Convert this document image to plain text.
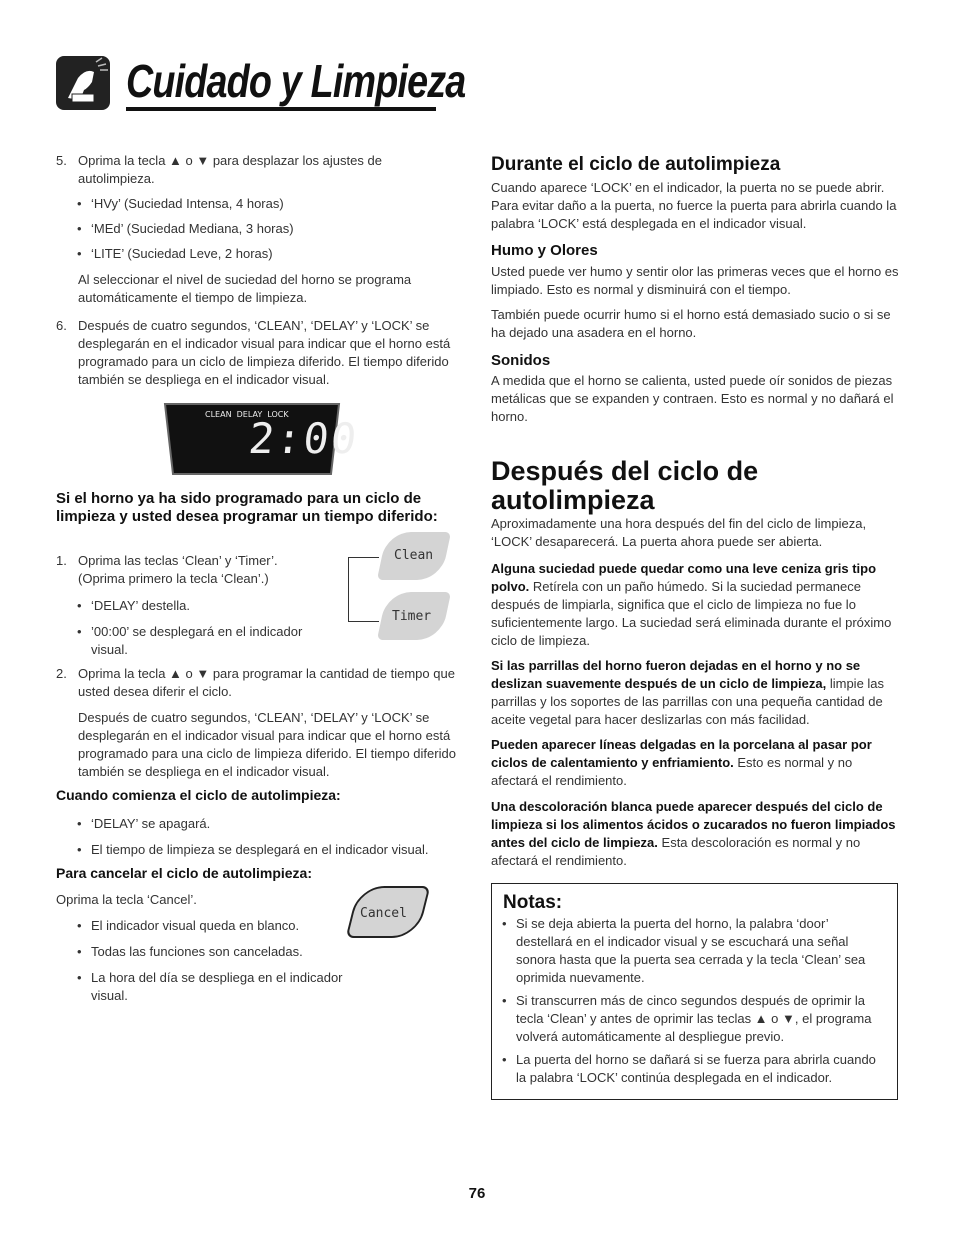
Cuidado y Limpieza
5. Oprima la tecla ▲ o ▼ para desplazar los ajustes de autolimpieza.
• ‘HVy’ (Suciedad Intensa, 4 horas)
• ‘MEd’ (Suciedad Mediana, 3 horas)
• ‘LITE’ (Suciedad Leve, 2 horas)
Al seleccionar el nivel de suciedad del horno se programa automáticamente el tiempo de limpieza.
6. Después de cuatro segundos, ‘CLEAN’, ‘DELAY’ y ‘LOCK’ se desplegarán en el indicador visual para indicar que el horno está programado para un ciclo de limpieza diferido. El tiempo diferido también se despliega en el indicador visual.
CLEAN  DELAY  LOCK
2:00
Si el horno ya ha sido programado para un ciclo de limpieza y usted desea programar un tiempo diferido:
1. Oprima las teclas ‘Clean’ y ‘Timer’. (Oprima primero la tecla ‘Clean’.)
• ‘DELAY’ destella.
• ’00:00’ se desplegará en el indicador visual.
Clean
Timer
2. Oprima la tecla ▲ o ▼ para programar la cantidad de tiempo que usted desea diferir el ciclo.
Después de cuatro segundos, ‘CLEAN’, ‘DELAY’ y ‘LOCK’ se desplegarán en el indicador visual para indicar que el horno está programado para una ciclo de limpieza diferido. El tiempo diferido también se despliega en el indicador visual.
Cuando comienza el ciclo de autolimpieza:
• ‘DELAY’ se apagará.
• El tiempo de limpieza se desplegará en el indicador visual.
Para cancelar el ciclo de autolimpieza:
Oprima la tecla ‘Cancel’.
• El indicador visual queda en blanco.
• Todas las funciones son canceladas.
• La hora del día se despliega en el indicador visual.
Cancel
Durante el ciclo de autolimpieza
Cuando aparece ‘LOCK’ en el indicador, la puerta no se puede abrir. Para evitar daño a la puerta, no fuerce la puerta para abrirla cuando la palabra ‘LOCK’ está desplegada en el indicador visual.
Humo y Olores
Usted puede ver humo y sentir olor las primeras veces que el horno es limpiado. Esto es normal y disminuirá con el tiempo.
También puede ocurrir humo si el horno está demasiado sucio o si se ha dejado una asadera en el horno.
Sonidos
A medida que el horno se calienta, usted puede oír sonidos de piezas metálicas que se expanden y contraen. Esto es normal y no dañará el horno.
Después del ciclo de autolimpieza
Aproximadamente una hora después del fin del ciclo de limpieza, ‘LOCK’ desaparecerá. La puerta ahora puede ser abierta.
Alguna suciedad puede quedar como una leve ceniza gris tipo polvo. Retírela con un paño húmedo. Si la suciedad permanece después de limpiarla, significa que el ciclo de limpieza no fue lo suficientemente largo. La suciedad será eliminada durante el próximo ciclo de limpieza.
Si las parrillas del horno fueron dejadas en el horno y no se deslizan suavemente después de un ciclo de limpieza, limpie las parrillas y los soportes de las parrillas con una pequeña cantidad de aceite vegetal para hacer deslizarlas con más facilidad.
Pueden aparecer líneas delgadas en la porcelana al pasar por ciclos de calentamiento y enfriamiento. Esto es normal y no afectará el rendimiento.
Una descoloración blanca puede aparecer después del ciclo de limpieza si los alimentos ácidos o zucarados no fueron limpiados antes del ciclo de limpieza. Esta descoloración es normal y no afectará el rendimiento.
Notas:
• Si se deja abierta la puerta del horno, la palabra ‘door’ destellará en el indicador visual y se escuchará una señal sonora hasta que la puerta sea cerrada y la tecla ‘Clean’ sea oprimida nuevamente.
• Si transcurren más de cinco segundos después de oprimir la tecla ‘Clean’ y antes de oprimir las teclas ▲ o ▼, el programa volverá automáticamente al despliegue previo.
• La puerta del horno se dañará si se fuerza para abrirla cuando la palabra ‘LOCK’ continúa desplegada en el indicador.
76
